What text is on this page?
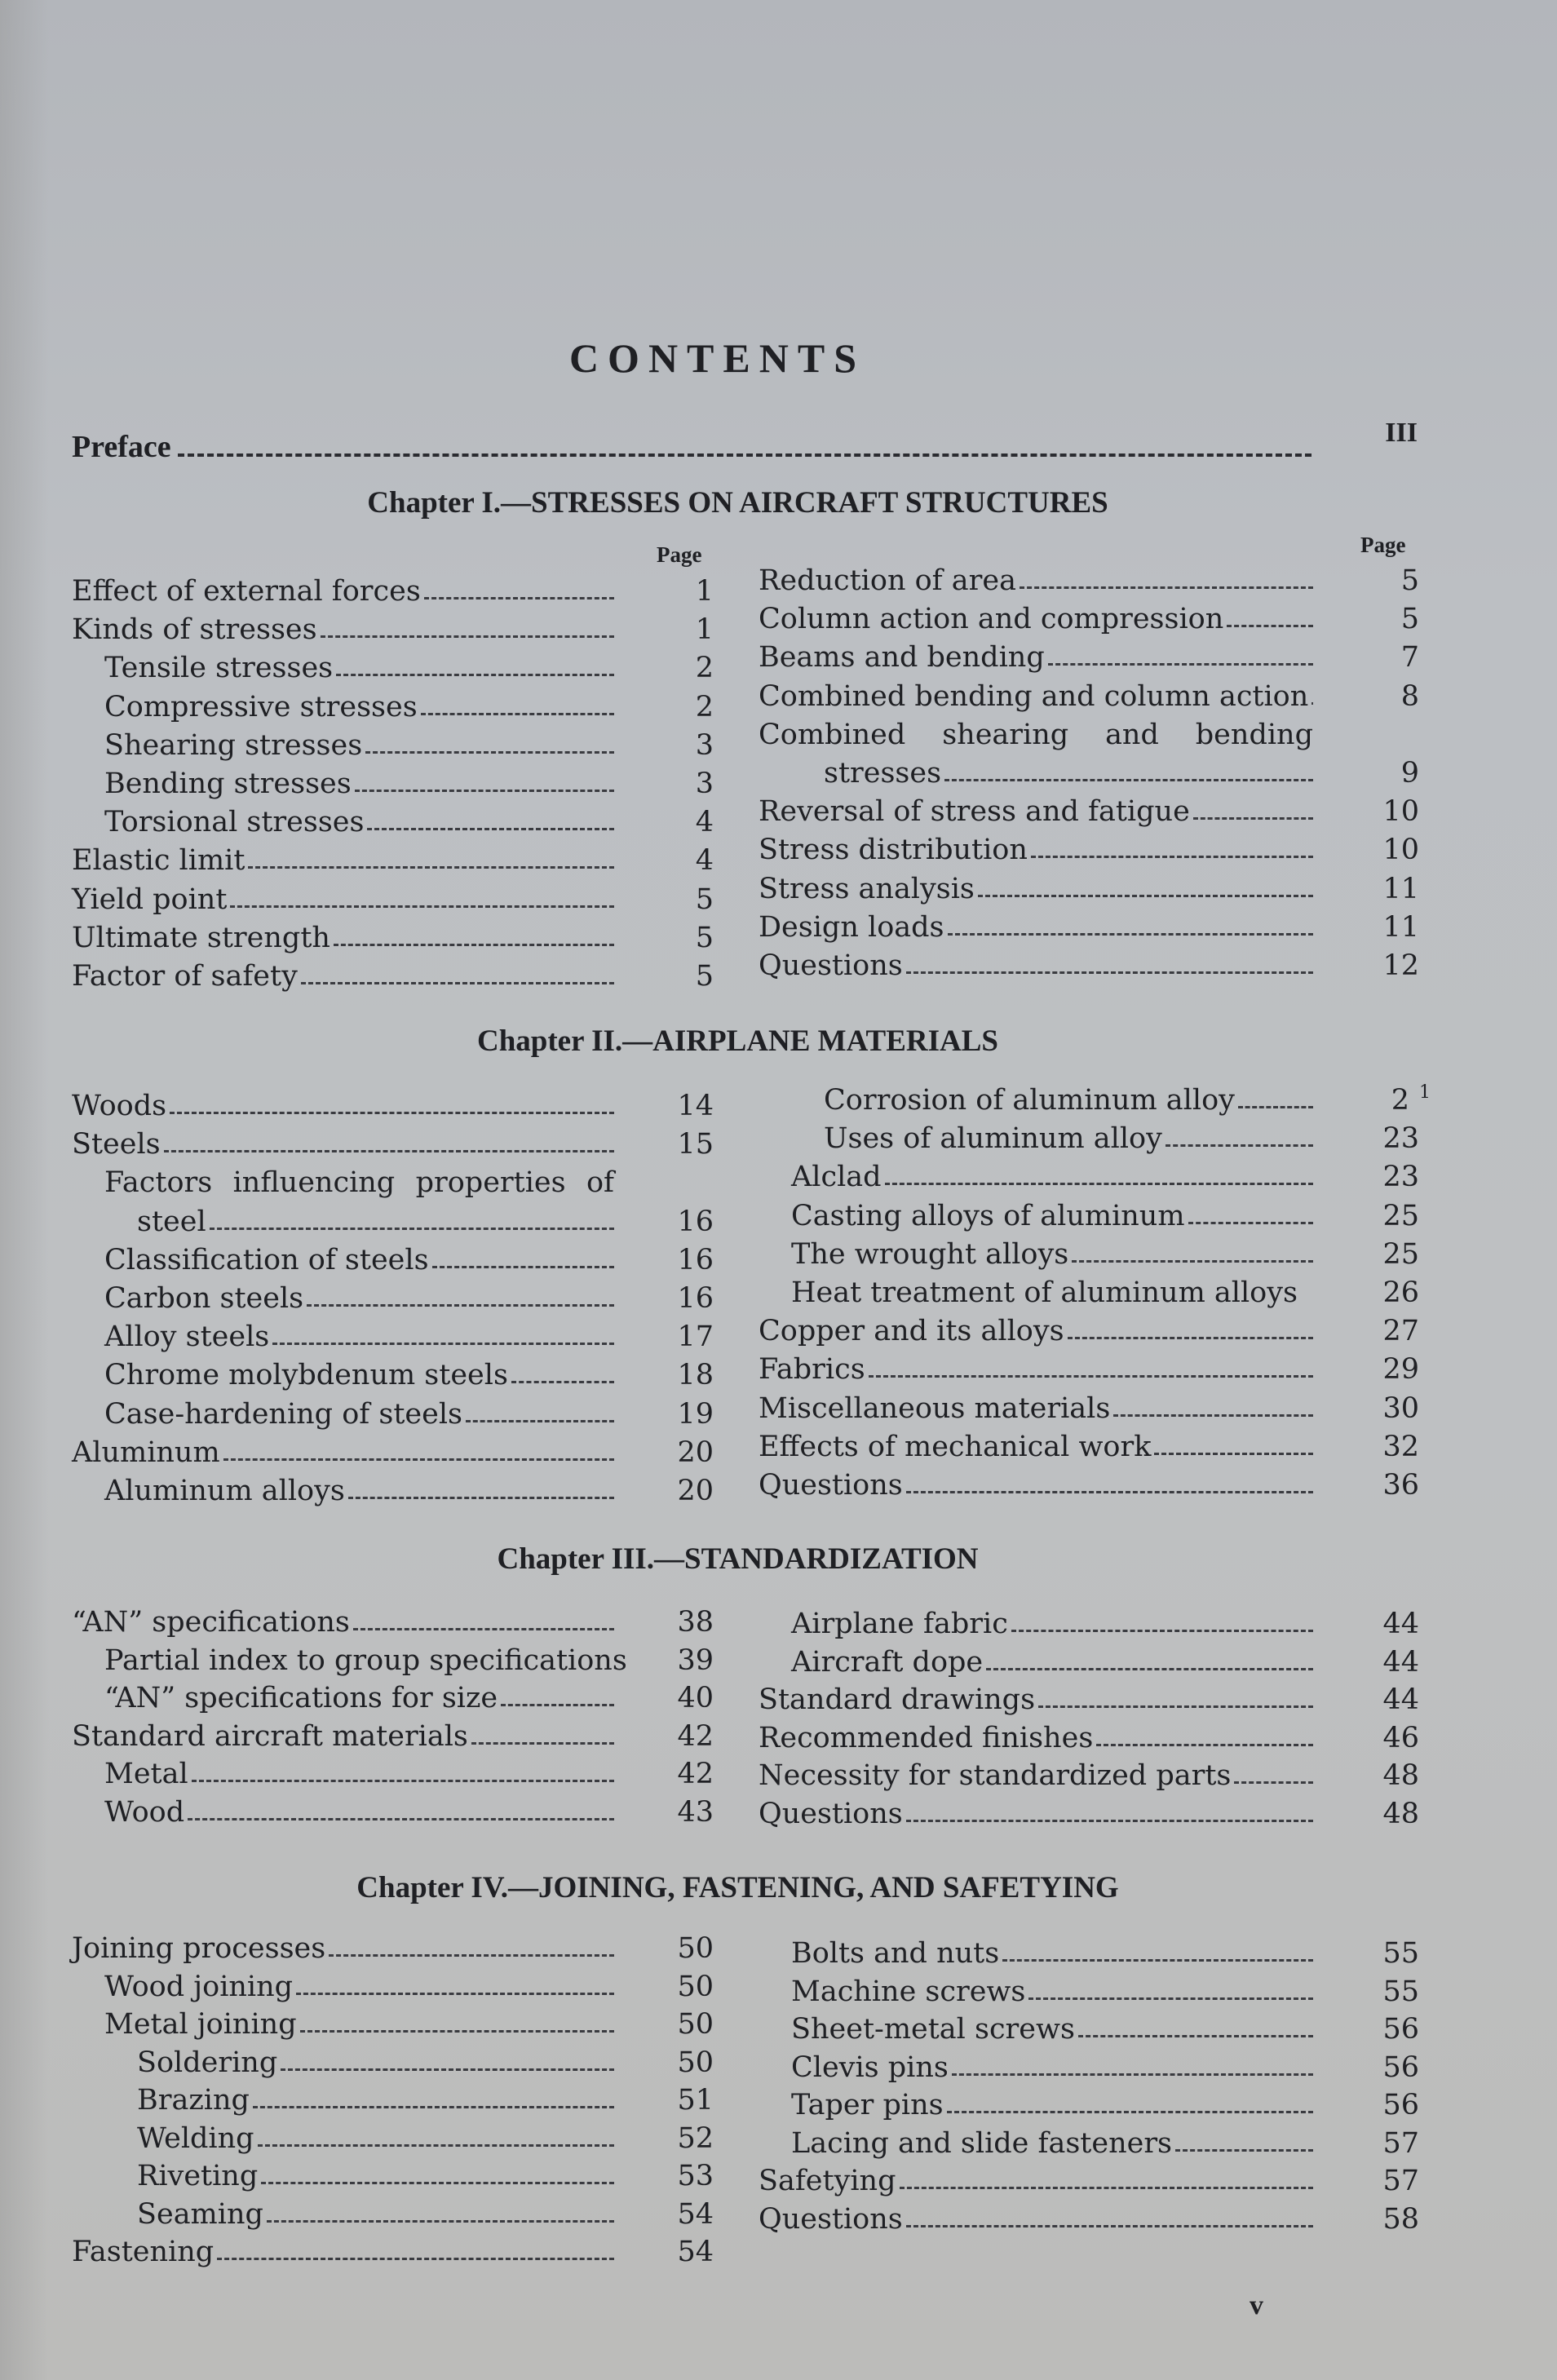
CONTENTS
Preface	III
Chapter I.—STRESSES ON AIRCRAFT STRUCTURES
Page	Page
Effect of external forces	1
Kinds of stresses	1
Tensile stresses	2
Compressive stresses	2
Shearing stresses	3
Bending stresses	3
Torsional stresses	4
Elastic limit	4
Yield point	5
Ultimate strength	5
Factor of safety	5
Reduction of area	5
Column action and compression	5
Beams and bending	7
Combined bending and column action	8
Combined shearing and bending
stresses	9
Reversal of stress and fatigue	10
Stress distribution	10
Stress analysis	11
Design loads	11
Questions	12
Chapter II.—AIRPLANE MATERIALS
Woods	14
Steels	15
Factors influencing properties of
steel	16
Classification of steels	16
Carbon steels	16
Alloy steels	17
Chrome molybdenum steels	18
Case-hardening of steels	19
Aluminum	20
Aluminum alloys	20
Corrosion of aluminum alloy	2 1
Uses of aluminum alloy	23
Alclad	23
Casting alloys of aluminum	25
The wrought alloys	25
Heat treatment of aluminum alloys	26
Copper and its alloys	27
Fabrics	29
Miscellaneous materials	30
Effects of mechanical work	32
Questions	36
Chapter III.—STANDARDIZATION
“AN” specifications	38
Partial index to group specifications	39
“AN” specifications for size	40
Standard aircraft materials	42
Metal	42
Wood	43
Airplane fabric	44
Aircraft dope	44
Standard drawings	44
Recommended finishes	46
Necessity for standardized parts	48
Questions	48
Chapter IV.—JOINING, FASTENING, AND SAFETYING
Joining processes	50
Wood joining	50
Metal joining	50
Soldering	50
Brazing	51
Welding	52
Riveting	53
Seaming	54
Fastening	54
Bolts and nuts	55
Machine screws	55
Sheet-metal screws	56
Clevis pins	56
Taper pins	56
Lacing and slide fasteners	57
Safetying	57
Questions	58
v
